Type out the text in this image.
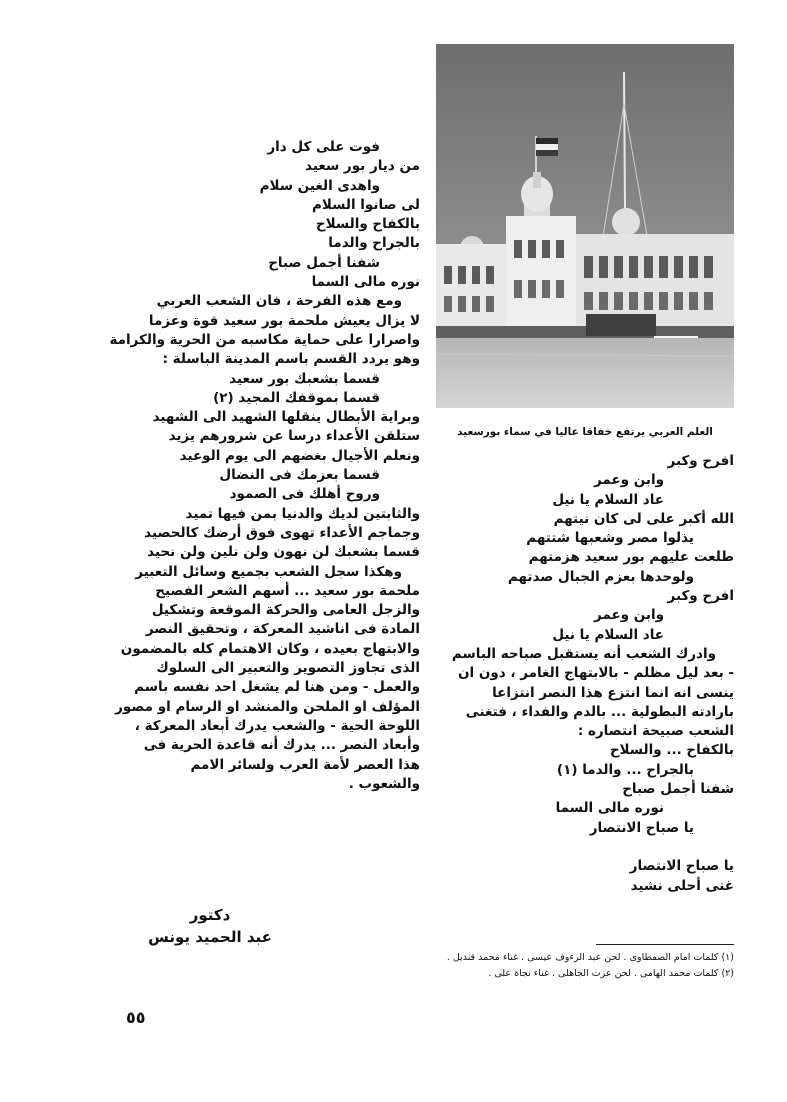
العلم العربي يرتفع خفاقا عاليا في سماء بورسعيد
فوت على كل دار
من ديار بور سعيد
واهدى الغين سلام
لى صانوا السلام
بالكفاح والسلاح
بالجراح والدما
شفنا أجمل صباح
نوره مالى السما
ومع هذه الفرحة ، فان الشعب العربي
لا يزال يعيش ملحمة بور سعيد قوة وعزما
واصرارا على حماية مكاسبه من الحرية والكرامة
وهو يردد القسم باسم المدينة الباسلة :
قسما بشعبك بور سعيد
قسما بموقفك المجيد (٢)
وبراية الأبطال ينقلها الشهيد الى الشهيد
ستلقن الأعداء درسا عن شرورهم يزيد
ونعلم الأجيال بغضهم الى يوم الوعيد
قسما بعزمك فى النضال
وروح أهلك فى الصمود
والثابتين لديك والدنيا بمن فيها تميد
وجماجم الأعداء تهوى فوق أرضك كالحصيد
قسما بشعبك لن نهون ولن نلين ولن نحيد
وهكذا سجل الشعب بجميع وسائل التعبير
ملحمة بور سعيد ... أسهم الشعر الفصيح
والزجل العامى والحركة الموقعة وتشكيل
المادة فى اناشيد المعركة ، وتحقيق النصر
والابتهاج بعيده ، وكان الاهتمام كله بالمضمون
الذى تجاوز التصوير والتعبير الى السلوك
والعمل - ومن هنا لم يشغل احد نفسه باسم
المؤلف او الملحن والمنشد او الرسام او مصور
اللوحة الحية - والشعب يدرك أبعاد المعركة ،
وأبعاد النصر ... يدرك أنه قاعدة الحرية فى
هذا العصر لأمة العرب ولسائر الامم
والشعوب .
افرح وكبر
وابن وعمر
عاد السلام يا نيل
الله أكبر على لى كان نيتهم
يذلوا مصر وشعبها شتتهم
طلعت عليهم بور سعيد هزمتهم
ولوحدها بعزم الجبال صدتهم
افرح وكبر
وابن وعمر
عاد السلام يا نيل
وادرك الشعب أنه يستقبل صباحه الباسم
- بعد ليل مظلم - بالابتهاج الغامر ، دون ان
ينسى انه انما انتزع هذا النصر انتزاعا
بارادته البطولية ... بالدم والفداء ، فتغنى
الشعب صبيحة انتصاره :
بالكفاح ... والسلاح
بالجراح ... والدما (١)
شفنا أجمل صباح
نوره مالى السما
يا صباح الانتصار

يا صباح الانتصار
غنى أحلى نشيد
دكتور
عبد الحميد يونس
(١) كلمات امام الصفطاوى . لحن عبد الرءوف عيسى . غناء محمد قنديل .
(٢) كلمات محمد الهامى . لحن عزت الجاهلى . غناء نجاة على .
٥٥
